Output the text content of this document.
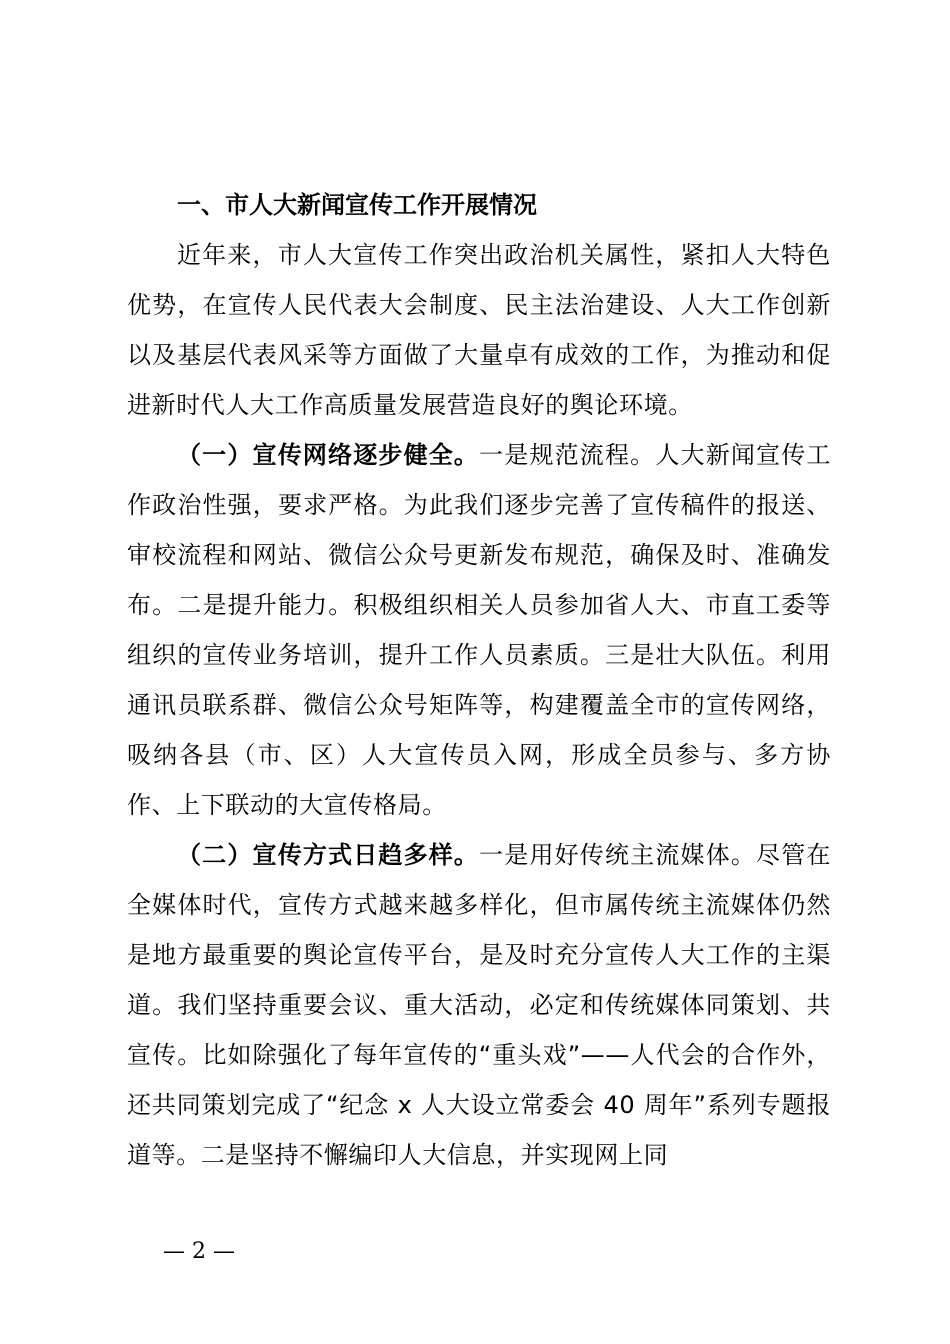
一、市人大新闻宣传工作开展情况

近年来，市人大宣传工作突出政治机关属性，紧扣人大特色优势，在宣传人民代表大会制度、民主法治建设、人大工作创新以及基层代表风采等方面做了大量卓有成效的工作，为推动和促进新时代人大工作高质量发展营造良好的舆论环境。

（一）宣传网络逐步健全。一是规范流程。人大新闻宣传工作政治性强，要求严格。为此我们逐步完善了宣传稿件的报送、审校流程和网站、微信公众号更新发布规范，确保及时、准确发布。二是提升能力。积极组织相关人员参加省人大、市直工委等组织的宣传业务培训，提升工作人员素质。三是壮大队伍。利用通讯员联系群、微信公众号矩阵等，构建覆盖全市的宣传网络，吸纳各县（市、区）人大宣传员入网，形成全员参与、多方协作、上下联动的大宣传格局。

（二）宣传方式日趋多样。一是用好传统主流媒体。尽管在全媒体时代，宣传方式越来越多样化，但市属传统主流媒体仍然是地方最重要的舆论宣传平台，是及时充分宣传人大工作的主渠道。我们坚持重要会议、重大活动，必定和传统媒体同策划、共宣传。比如除强化了每年宣传的“重头戏”——人代会的合作外，还共同策划完成了“纪念 x 人大设立常委会 40 周年”系列专题报道等。二是坚持不懈编印人大信息，并实现网上同

— 2 —
